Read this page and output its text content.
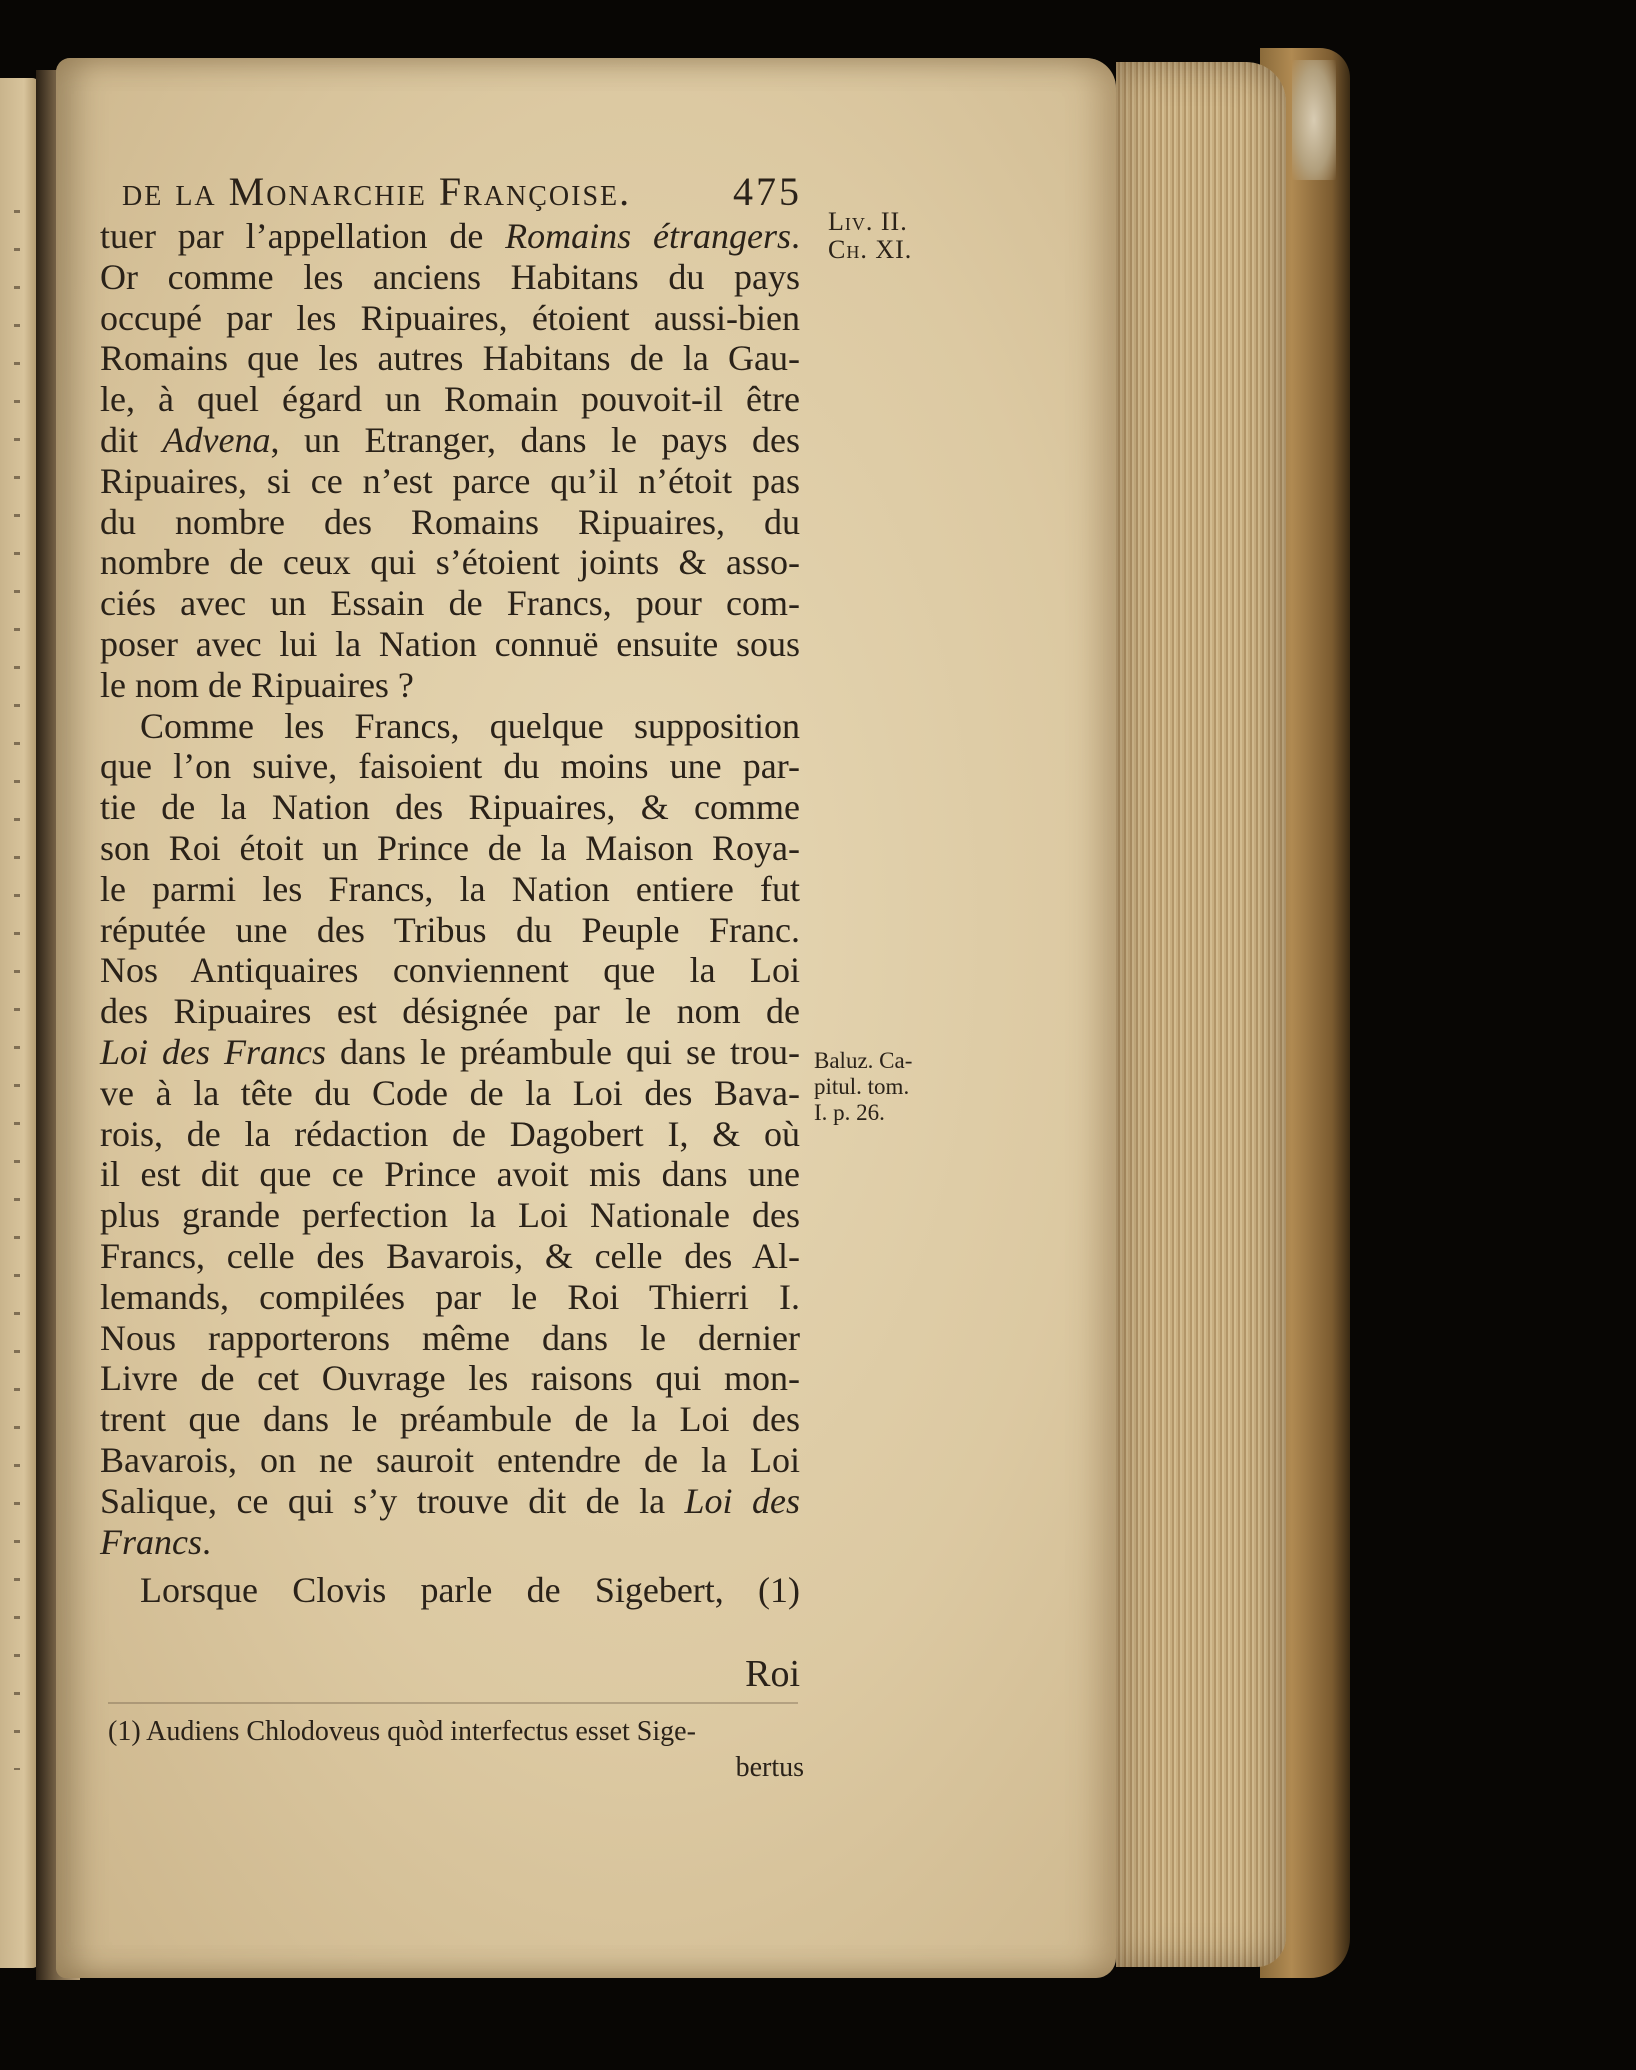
de la Monarchie Françoise.	475
Liv. II.
Ch. XI.
Baluz. Ca-
pitul. tom.
I. p. 26.
tuer par l’appellation de Romains étrangers.
Or comme les anciens Habitans du pays
occupé par les Ripuaires, étoient aussi-bien
Romains que les autres Habitans de la Gau-
le, à quel égard un Romain pouvoit-il être
dit Advena, un Etranger, dans le pays des
Ripuaires, si ce n’est parce qu’il n’étoit pas
du nombre des Romains Ripuaires, du
nombre de ceux qui s’étoient joints & asso-
ciés avec un Essain de Francs, pour com-
poser avec lui la Nation connuë ensuite sous
le nom de Ripuaires ?
Comme les Francs, quelque supposition
que l’on suive, faisoient du moins une par-
tie de la Nation des Ripuaires, & comme
son Roi étoit un Prince de la Maison Roya-
le parmi les Francs, la Nation entiere fut
réputée une des Tribus du Peuple Franc.
Nos Antiquaires conviennent que la Loi
des Ripuaires est désignée par le nom de
Loi des Francs dans le préambule qui se trou-
ve à la tête du Code de la Loi des Bava-
rois, de la rédaction de Dagobert I, & où
il est dit que ce Prince avoit mis dans une
plus grande perfection la Loi Nationale des
Francs, celle des Bavarois, & celle des Al-
lemands, compilées par le Roi Thierri I.
Nous rapporterons même dans le dernier
Livre de cet Ouvrage les raisons qui mon-
trent que dans le préambule de la Loi des
Bavarois, on ne sauroit entendre de la Loi
Salique, ce qui s’y trouve dit de la Loi des
Francs.
Lorsque Clovis parle de Sigebert, (1)
Roi
(1) Audiens Chlodoveus quòd interfectus esset Sige-
bertus
